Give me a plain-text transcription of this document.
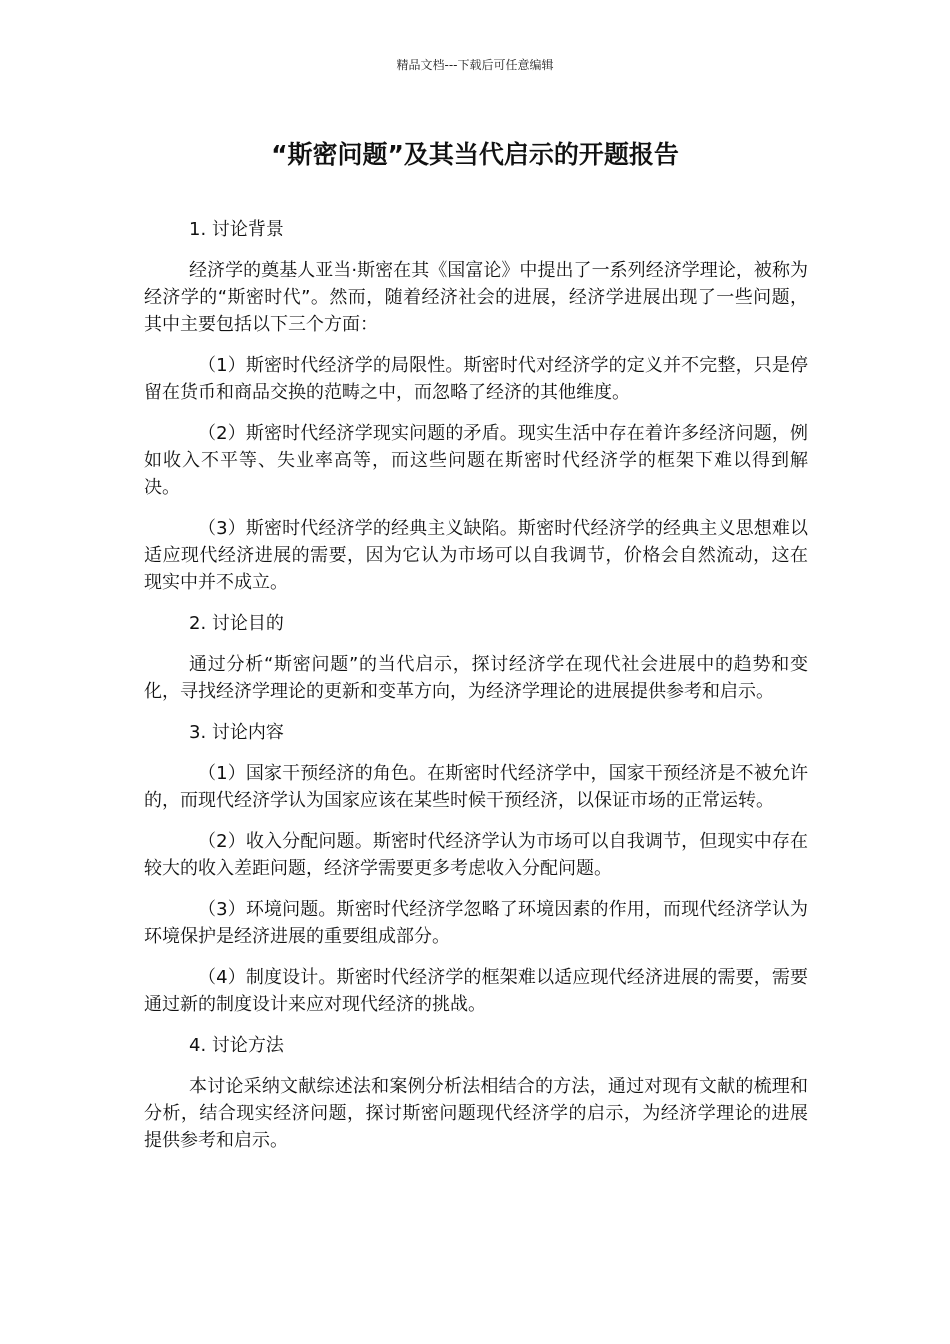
精品文档---下载后可任意编辑
“斯密问题”及其当代启示的开题报告
1. 讨论背景

经济学的奠基人亚当·斯密在其《国富论》中提出了一系列经济学理论，被称为经济学的“斯密时代”。然而，随着经济社会的进展，经济学进展出现了一些问题，其中主要包括以下三个方面：

（1）斯密时代经济学的局限性。斯密时代对经济学的定义并不完整，只是停留在货币和商品交换的范畴之中，而忽略了经济的其他维度。

（2）斯密时代经济学现实问题的矛盾。现实生活中存在着许多经济问题，例如收入不平等、失业率高等，而这些问题在斯密时代经济学的框架下难以得到解决。

（3）斯密时代经济学的经典主义缺陷。斯密时代经济学的经典主义思想难以适应现代经济进展的需要，因为它认为市场可以自我调节，价格会自然流动，这在现实中并不成立。

2. 讨论目的

通过分析“斯密问题”的当代启示，探讨经济学在现代社会进展中的趋势和变化，寻找经济学理论的更新和变革方向，为经济学理论的进展提供参考和启示。

3. 讨论内容

（1）国家干预经济的角色。在斯密时代经济学中，国家干预经济是不被允许的，而现代经济学认为国家应该在某些时候干预经济，以保证市场的正常运转。

（2）收入分配问题。斯密时代经济学认为市场可以自我调节，但现实中存在较大的收入差距问题，经济学需要更多考虑收入分配问题。

（3）环境问题。斯密时代经济学忽略了环境因素的作用，而现代经济学认为环境保护是经济进展的重要组成部分。

（4）制度设计。斯密时代经济学的框架难以适应现代经济进展的需要，需要通过新的制度设计来应对现代经济的挑战。

4. 讨论方法

本讨论采纳文献综述法和案例分析法相结合的方法，通过对现有文献的梳理和分析，结合现实经济问题，探讨斯密问题现代经济学的启示，为经济学理论的进展提供参考和启示。
